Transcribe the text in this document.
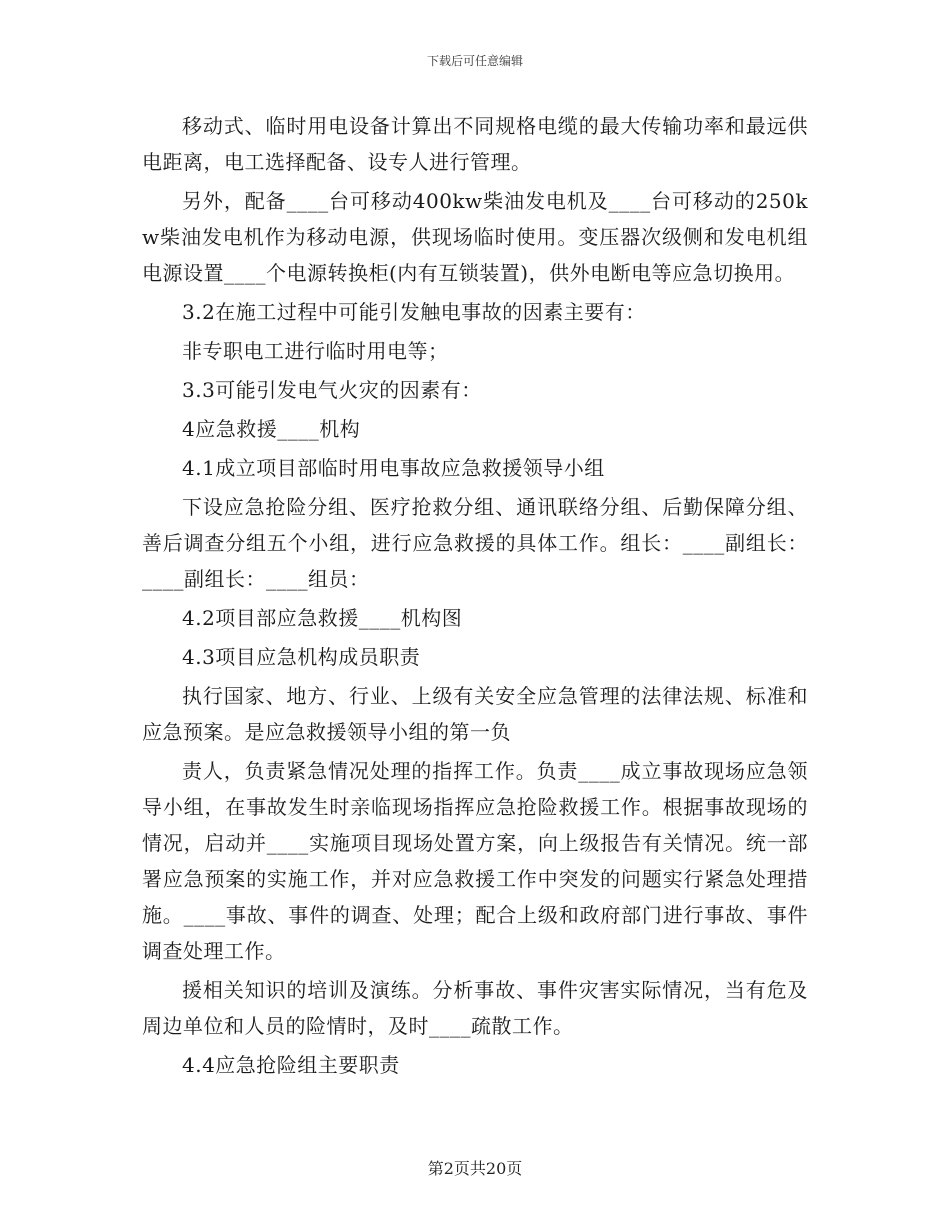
下载后可任意编辑

移动式、临时用电设备计算出不同规格电缆的最大传输功率和最远供电距离，电工选择配备、设专人进行管理。

另外，配备____台可移动400kw柴油发电机及____台可移动的250kw柴油发电机作为移动电源，供现场临时使用。变压器次级侧和发电机组电源设置____个电源转换柜(内有互锁装置)，供外电断电等应急切换用。

3.2在施工过程中可能引发触电事故的因素主要有：

非专职电工进行临时用电等；

3.3可能引发电气火灾的因素有：

4应急救援____机构

4.1成立项目部临时用电事故应急救援领导小组

下设应急抢险分组、医疗抢救分组、通讯联络分组、后勤保障分组、善后调查分组五个小组，进行应急救援的具体工作。组长：____副组长：____副组长：____组员：

4.2项目部应急救援____机构图

4.3项目应急机构成员职责

执行国家、地方、行业、上级有关安全应急管理的法律法规、标准和应急预案。是应急救援领导小组的第一负

责人，负责紧急情况处理的指挥工作。负责____成立事故现场应急领导小组，在事故发生时亲临现场指挥应急抢险救援工作。根据事故现场的情况，启动并____实施项目现场处置方案，向上级报告有关情况。统一部署应急预案的实施工作，并对应急救援工作中突发的问题实行紧急处理措施。____事故、事件的调查、处理；配合上级和政府部门进行事故、事件调查处理工作。

援相关知识的培训及演练。分析事故、事件灾害实际情况，当有危及周边单位和人员的险情时，及时____疏散工作。

4.4应急抢险组主要职责

第2页共20页
